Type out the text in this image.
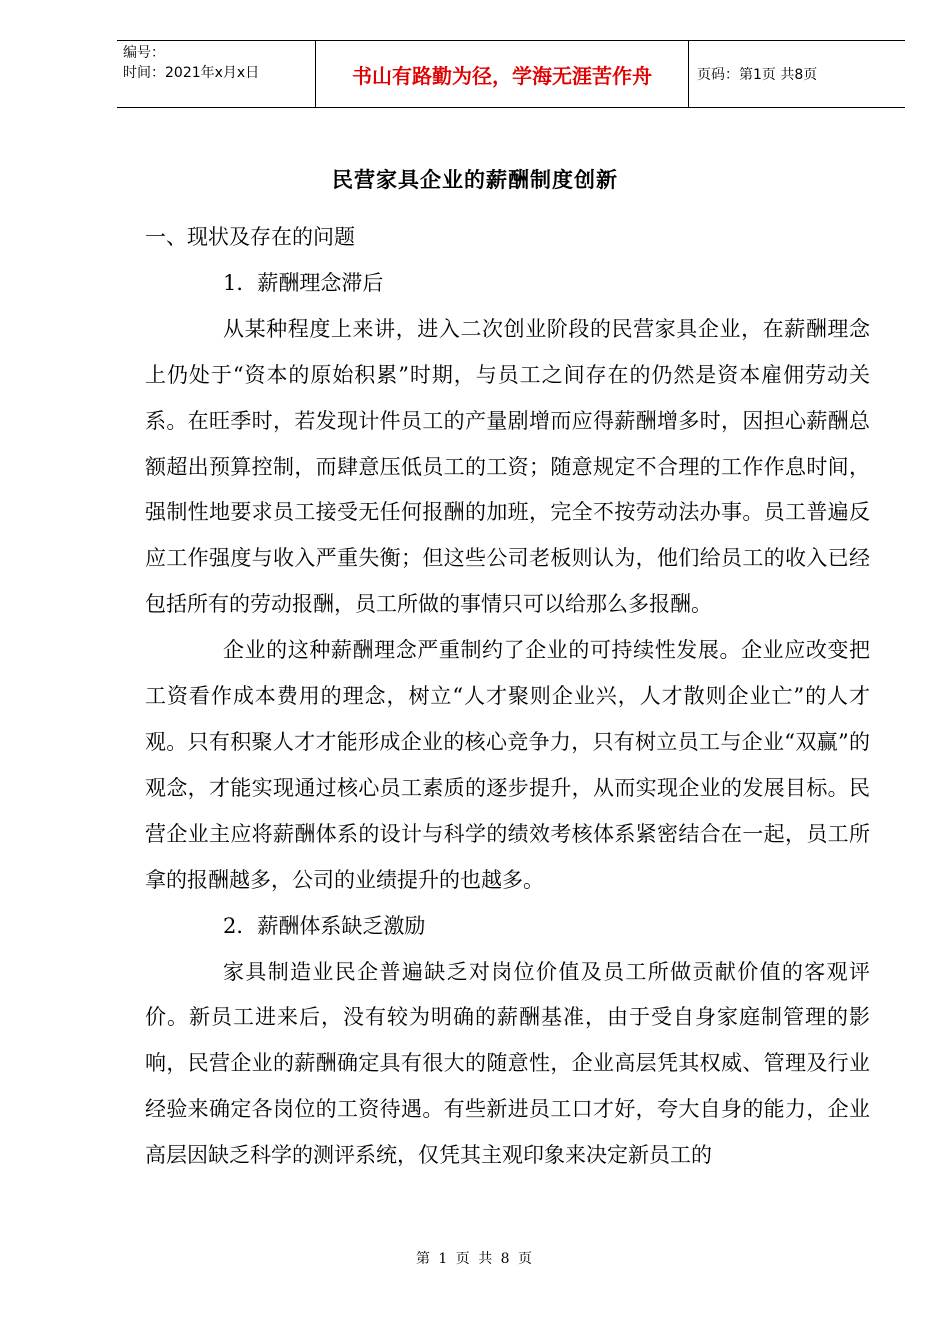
编号：
时间：2021年x月x日	书山有路勤为径，学海无涯苦作舟	页码：第1页 共8页
民营家具企业的薪酬制度创新

一、现状及存在的问题

1．薪酬理念滞后

从某种程度上来讲，进入二次创业阶段的民营家具企业，在薪酬理念上仍处于“资本的原始积累”时期，与员工之间存在的仍然是资本雇佣劳动关系。在旺季时，若发现计件员工的产量剧增而应得薪酬增多时，因担心薪酬总额超出预算控制，而肆意压低员工的工资；随意规定不合理的工作作息时间，强制性地要求员工接受无任何报酬的加班，完全不按劳动法办事。员工普遍反应工作强度与收入严重失衡；但这些公司老板则认为，他们给员工的收入已经包括所有的劳动报酬，员工所做的事情只可以给那么多报酬。

企业的这种薪酬理念严重制约了企业的可持续性发展。企业应改变把工资看作成本费用的理念，树立“人才聚则企业兴，人才散则企业亡”的人才观。只有积聚人才才能形成企业的核心竞争力，只有树立员工与企业“双赢”的观念，才能实现通过核心员工素质的逐步提升，从而实现企业的发展目标。民营企业主应将薪酬体系的设计与科学的绩效考核体系紧密结合在一起，员工所拿的报酬越多，公司的业绩提升的也越多。

2．薪酬体系缺乏激励

家具制造业民企普遍缺乏对岗位价值及员工所做贡献价值的客观评价。新员工进来后，没有较为明确的薪酬基准，由于受自身家庭制管理的影响，民营企业的薪酬确定具有很大的随意性，企业高层凭其权威、管理及行业经验来确定各岗位的工资待遇。有些新进员工口才好，夸大自身的能力，企业高层因缺乏科学的测评系统，仅凭其主观印象来决定新员工的

第 1 页 共 8 页
